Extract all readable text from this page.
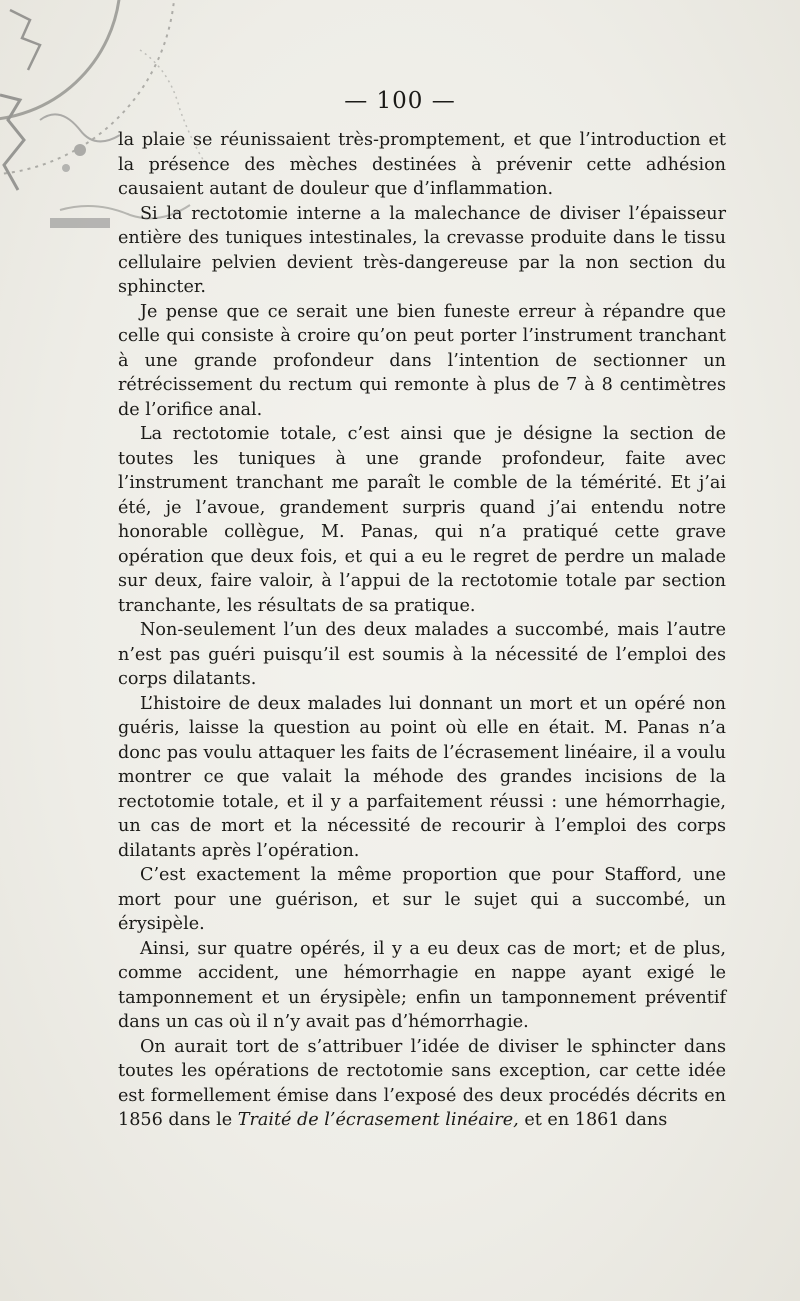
— 100 —

la plaie se réunissaient très-promptement, et que l’introduction et la présence des mèches destinées à prévenir cette adhésion causaient autant de douleur que d’inflammation.

Si la rectotomie interne a la malechance de diviser l’épaisseur entière des tuniques intestinales, la crevasse produite dans le tissu cellulaire pelvien devient très-dangereuse par la non section du sphincter.

Je pense que ce serait une bien funeste erreur à répandre que celle qui consiste à croire qu’on peut porter l’instrument tranchant à une grande profondeur dans l’intention de sectionner un rétrécissement du rectum qui remonte à plus de 7 à 8 centimètres de l’orifice anal.

La rectotomie totale, c’est ainsi que je désigne la section de toutes les tuniques à une grande profondeur, faite avec l’instrument tranchant me paraît le comble de la témérité. Et j’ai été, je l’avoue, grandement surpris quand j’ai entendu notre honorable collègue, M. Panas, qui n’a pratiqué cette grave opération que deux fois, et qui a eu le regret de perdre un malade sur deux, faire valoir, à l’appui de la rectotomie totale par section tranchante, les résultats de sa pratique.

Non-seulement l’un des deux malades a succombé, mais l’autre n’est pas guéri puisqu’il est soumis à la nécessité de l’emploi des corps dilatants.

L’histoire de deux malades lui donnant un mort et un opéré non guéris, laisse la question au point où elle en était. M. Panas n’a donc pas voulu attaquer les faits de l’écrasement linéaire, il a voulu montrer ce que valait la méhode des grandes incisions de la rectotomie totale, et il y a parfaitement réussi : une hémorrhagie, un cas de mort et la nécessité de recourir à l’emploi des corps dilatants après l’opération.

C’est exactement la même proportion que pour Stafford, une mort pour une guérison, et sur le sujet qui a succombé, un érysipèle.

Ainsi, sur quatre opérés, il y a eu deux cas de mort; et de plus, comme accident, une hémorrhagie en nappe ayant exigé le tamponnement et un érysipèle; enfin un tamponnement préventif dans un cas où il n’y avait pas d’hémorrhagie.

On aurait tort de s’attribuer l’idée de diviser le sphincter dans toutes les opérations de rectotomie sans exception, car cette idée est formellement émise dans l’exposé des deux procédés décrits en 1856 dans le Traité de l’écrasement linéaire, et en 1861 dans
